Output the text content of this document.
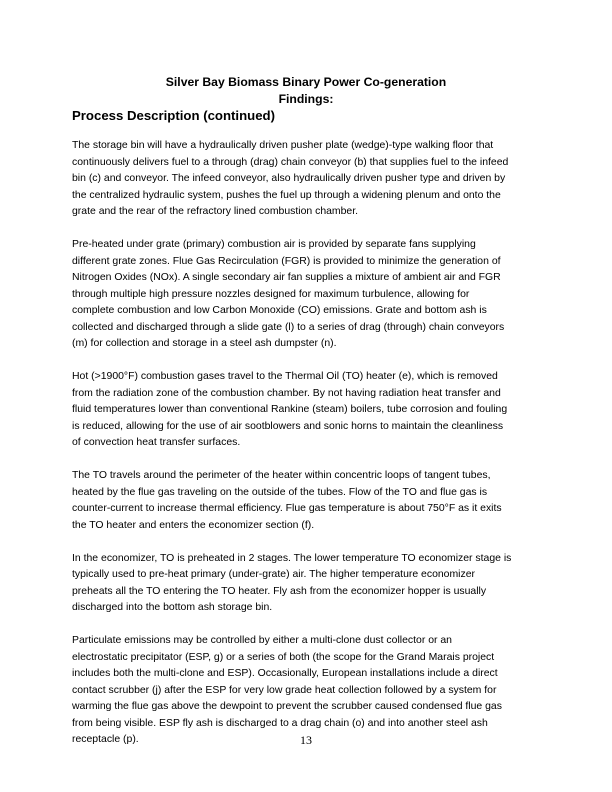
Silver Bay Biomass Binary Power Co-generation
Findings:
Process Description (continued)

The storage bin will have a hydraulically driven pusher plate (wedge)-type walking floor that
continuously delivers fuel to a through (drag) chain conveyor (b) that supplies fuel to the infeed
bin (c) and conveyor. The infeed conveyor, also hydraulically driven pusher type and driven by
the centralized hydraulic system, pushes the fuel up through a widening plenum and onto the
grate and the rear of the refractory lined combustion chamber.

Pre-heated under grate (primary) combustion air is provided by separate fans supplying
different grate zones. Flue Gas Recirculation (FGR) is provided to minimize the generation of
Nitrogen Oxides (NOx). A single secondary air fan supplies a mixture of ambient air and FGR
through multiple high pressure nozzles designed for maximum turbulence, allowing for
complete combustion and low Carbon Monoxide (CO) emissions. Grate and bottom ash is
collected and discharged through a slide gate (l) to a series of drag (through) chain conveyors
(m) for collection and storage in a steel ash dumpster (n).

Hot (>1900°F) combustion gases travel to the Thermal Oil (TO) heater (e), which is removed
from the radiation zone of the combustion chamber. By not having radiation heat transfer and
fluid temperatures lower than conventional Rankine (steam) boilers, tube corrosion and fouling
is reduced, allowing for the use of air sootblowers and sonic horns to maintain the cleanliness
of convection heat transfer surfaces.

The TO travels around the perimeter of the heater within concentric loops of tangent tubes,
heated by the flue gas traveling on the outside of the tubes. Flow of the TO and flue gas is
counter-current to increase thermal efficiency. Flue gas temperature is about 750°F as it exits
the TO heater and enters the economizer section (f).

In the economizer, TO is preheated in 2 stages. The lower temperature TO economizer stage is
typically used to pre-heat primary (under-grate) air. The higher temperature economizer
preheats all the TO entering the TO heater. Fly ash from the economizer hopper is usually
discharged into the bottom ash storage bin.

Particulate emissions may be controlled by either a multi-clone dust collector or an
electrostatic precipitator (ESP, g) or a series of both (the scope for the Grand Marais project
includes both the multi-clone and ESP). Occasionally, European installations include a direct
contact scrubber (j) after the ESP for very low grade heat collection followed by a system for
warming the flue gas above the dewpoint to prevent the scrubber caused condensed flue gas
from being visible. ESP fly ash is discharged to a drag chain (o) and into another steel ash
receptacle (p).	13
